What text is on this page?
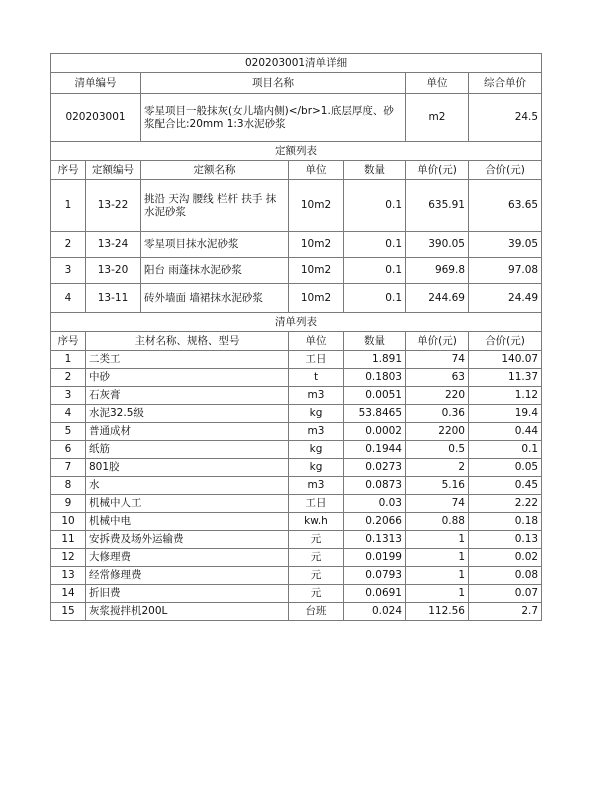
020203001清单详细						
清单编号		项目名称			单位	综合单价
020203001		零星项目一般抹灰(女儿墙内侧)</br>1.底层厚度、砂浆配合比:20mm 1:3水泥砂浆			m2	24.5
定额列表						
序号	定额编号	定额名称	单位	数量	单价(元)	合价(元)
1	13-22	挑沿 天沟 腰线 栏杆 扶手 抹水泥砂浆	10m2	0.1	635.91	63.65
2	13-24	零星项目抹水泥砂浆	10m2	0.1	390.05	39.05
3	13-20	阳台 雨蓬抹水泥砂浆	10m2	0.1	969.8	97.08
4	13-11	砖外墙面 墙裙抹水泥砂浆	10m2	0.1	244.69	24.49
清单列表						
序号	主材名称、规格、型号		单位	数量	单价(元)	合价(元)
1	二类工		工日	1.891	74	140.07
2	中砂		t	0.1803	63	11.37
3	石灰膏		m3	0.0051	220	1.12
4	水泥32.5级		kg	53.8465	0.36	19.4
5	普通成材		m3	0.0002	2200	0.44
6	纸筋		kg	0.1944	0.5	0.1
7	801胶		kg	0.0273	2	0.05
8	水		m3	0.0873	5.16	0.45
9	机械中人工		工日	0.03	74	2.22
10	机械中电		kw.h	0.2066	0.88	0.18
11	安拆费及场外运输费		元	0.1313	1	0.13
12	大修理费		元	0.0199	1	0.02
13	经常修理费		元	0.0793	1	0.08
14	折旧费		元	0.0691	1	0.07
15	灰浆搅拌机200L		台班	0.024	112.56	2.7
